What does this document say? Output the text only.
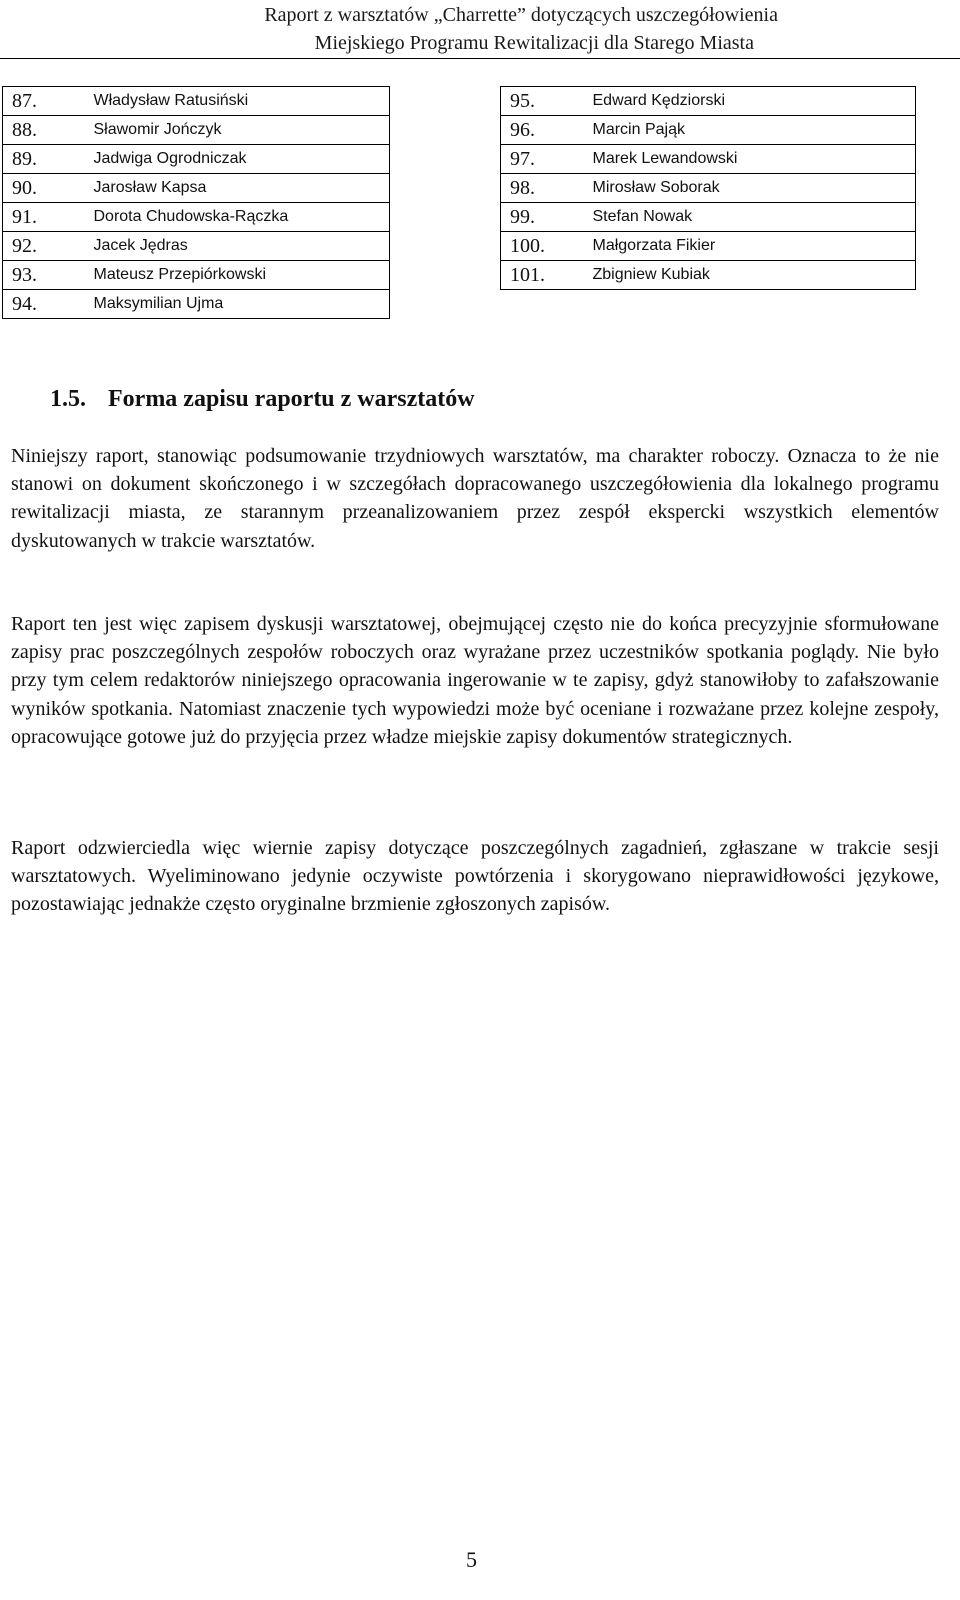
Raport z warsztatów „Charrette” dotyczących uszczegółowienia
Miejskiego Programu Rewitalizacji dla Starego Miasta
87.	Władysław Ratusiński
88.	Sławomir Jończyk
89.	Jadwiga Ogrodniczak
90.	Jarosław Kapsa
91.	Dorota Chudowska-Rączka
92.	Jacek Jędras
93.	Mateusz Przepiórkowski
94.	Maksymilian Ujma
95.	Edward Kędziorski
96.	Marcin Pająk
97.	Marek Lewandowski
98.	Mirosław Soborak
99.	Stefan Nowak
100.	Małgorzata Fikier
101.	Zbigniew Kubiak
1.5. Forma zapisu raportu z warsztatów

Niniejszy raport, stanowiąc podsumowanie trzydniowych warsztatów, ma charakter roboczy. Oznacza to że nie stanowi on dokument skończonego i w szczegółach dopracowanego uszczegółowienia dla lokalnego programu rewitalizacji miasta, ze starannym przeanalizowaniem przez zespół ekspercki wszystkich elementów dyskutowanych w trakcie warsztatów.

Raport ten jest więc zapisem dyskusji warsztatowej, obejmującej często nie do końca precyzyjnie sformułowane zapisy prac poszczególnych zespołów roboczych oraz wyrażane przez uczestników spotkania poglądy. Nie było przy tym celem redaktorów niniejszego opracowania ingerowanie w te zapisy, gdyż stanowiłoby to zafałszowanie wyników spotkania. Natomiast znaczenie tych wypowiedzi może być oceniane i rozważane przez kolejne zespoły, opracowujące gotowe już do przyjęcia przez władze miejskie zapisy dokumentów strategicznych.

Raport odzwierciedla więc wiernie zapisy dotyczące poszczególnych zagadnień, zgłaszane w trakcie sesji warsztatowych. Wyeliminowano jedynie oczywiste powtórzenia i skorygowano nieprawidłowości językowe, pozostawiając jednakże często oryginalne brzmienie zgłoszonych zapisów.

5
